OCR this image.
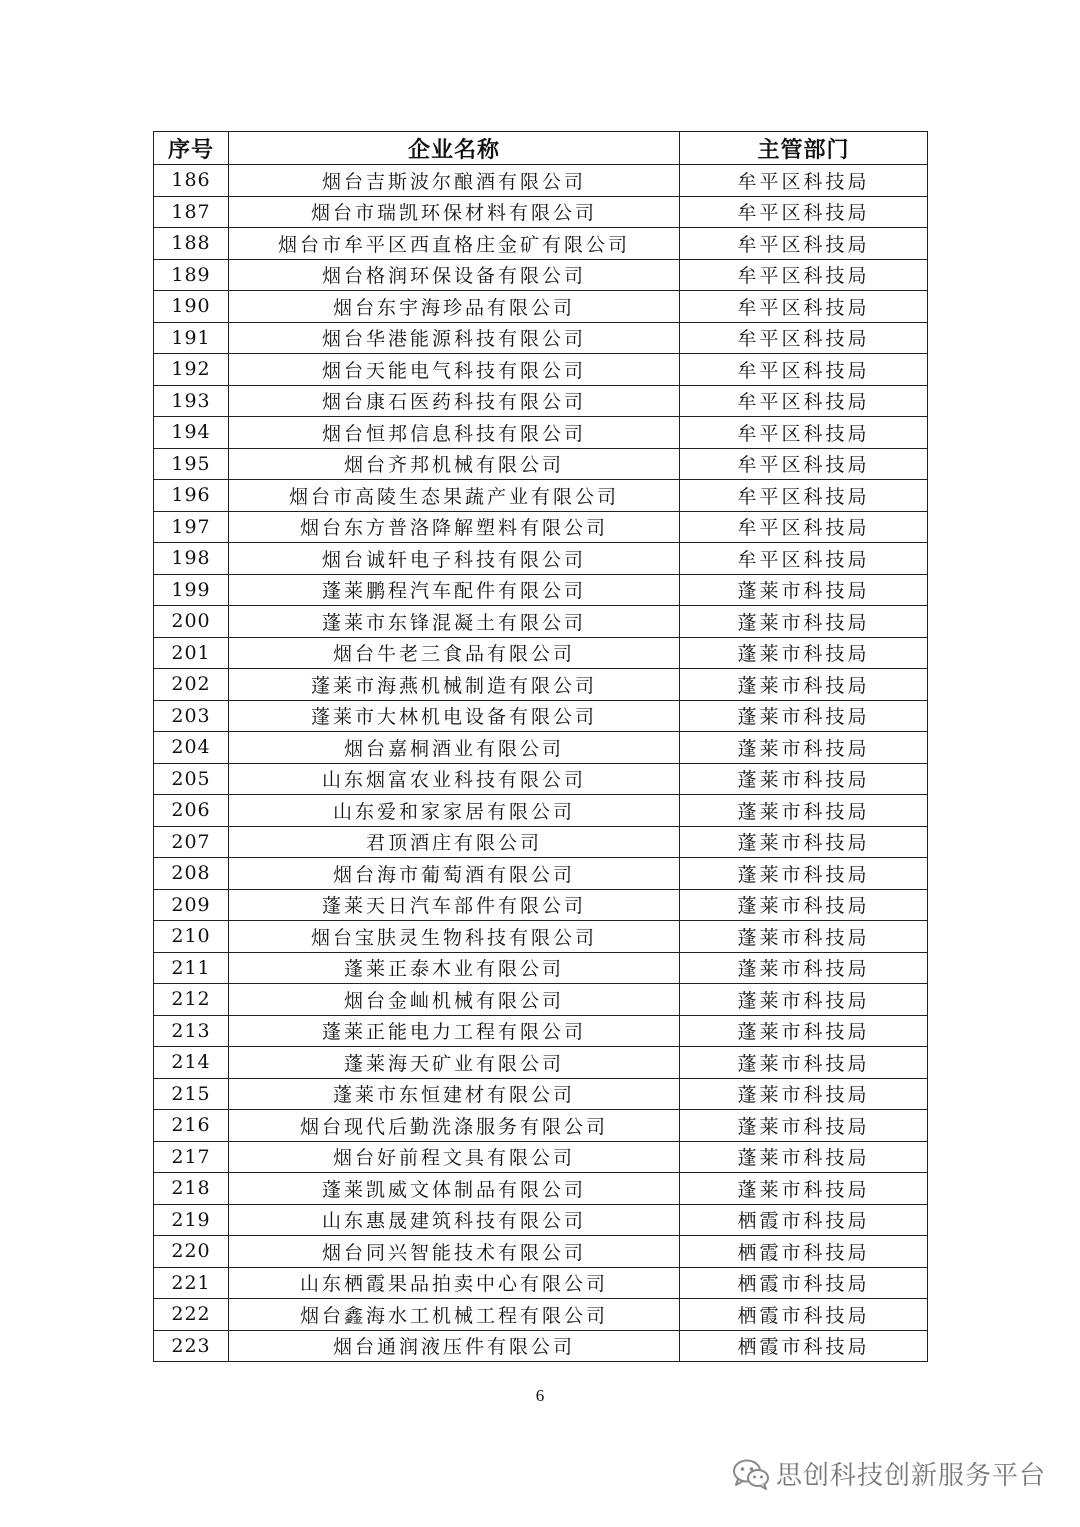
序号	企业名称	主管部门
186	烟台吉斯波尔酿酒有限公司	牟平区科技局
187	烟台市瑞凯环保材料有限公司	牟平区科技局
188	烟台市牟平区西直格庄金矿有限公司	牟平区科技局
189	烟台格润环保设备有限公司	牟平区科技局
190	烟台东宇海珍品有限公司	牟平区科技局
191	烟台华港能源科技有限公司	牟平区科技局
192	烟台天能电气科技有限公司	牟平区科技局
193	烟台康石医药科技有限公司	牟平区科技局
194	烟台恒邦信息科技有限公司	牟平区科技局
195	烟台齐邦机械有限公司	牟平区科技局
196	烟台市高陵生态果蔬产业有限公司	牟平区科技局
197	烟台东方普洛降解塑料有限公司	牟平区科技局
198	烟台诚轩电子科技有限公司	牟平区科技局
199	蓬莱鹏程汽车配件有限公司	蓬莱市科技局
200	蓬莱市东锋混凝土有限公司	蓬莱市科技局
201	烟台牛老三食品有限公司	蓬莱市科技局
202	蓬莱市海燕机械制造有限公司	蓬莱市科技局
203	蓬莱市大林机电设备有限公司	蓬莱市科技局
204	烟台嘉桐酒业有限公司	蓬莱市科技局
205	山东烟富农业科技有限公司	蓬莱市科技局
206	山东爱和家家居有限公司	蓬莱市科技局
207	君顶酒庄有限公司	蓬莱市科技局
208	烟台海市葡萄酒有限公司	蓬莱市科技局
209	蓬莱天日汽车部件有限公司	蓬莱市科技局
210	烟台宝肤灵生物科技有限公司	蓬莱市科技局
211	蓬莱正泰木业有限公司	蓬莱市科技局
212	烟台金屾机械有限公司	蓬莱市科技局
213	蓬莱正能电力工程有限公司	蓬莱市科技局
214	蓬莱海天矿业有限公司	蓬莱市科技局
215	蓬莱市东恒建材有限公司	蓬莱市科技局
216	烟台现代后勤洗涤服务有限公司	蓬莱市科技局
217	烟台好前程文具有限公司	蓬莱市科技局
218	蓬莱凯威文体制品有限公司	蓬莱市科技局
219	山东惠晟建筑科技有限公司	栖霞市科技局
220	烟台同兴智能技术有限公司	栖霞市科技局
221	山东栖霞果品拍卖中心有限公司	栖霞市科技局
222	烟台鑫海水工机械工程有限公司	栖霞市科技局
223	烟台通润液压件有限公司	栖霞市科技局
6
思创科技创新服务平台
